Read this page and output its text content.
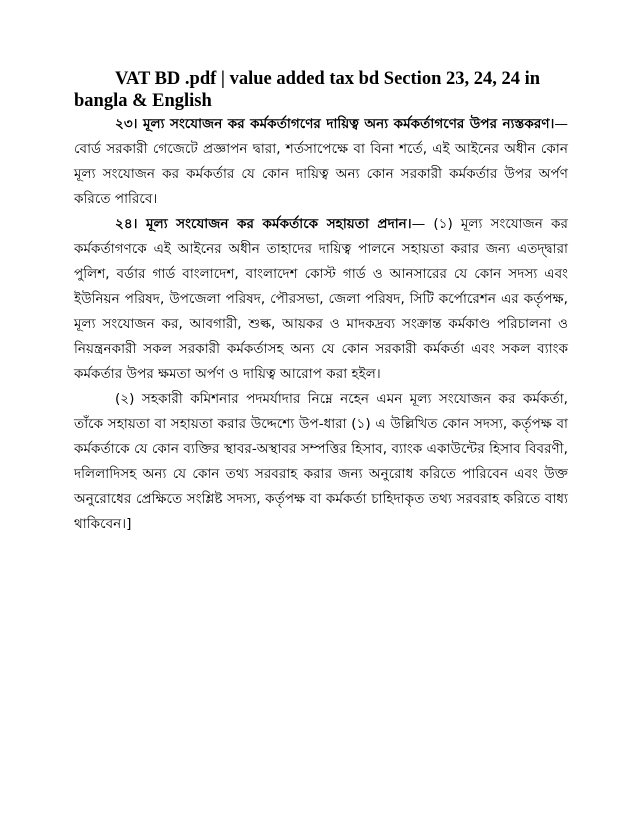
VAT BD .pdf | value added tax bd Section 23, 24, 24 in bangla & English

২৩। মূল্য সংযোজন কর কর্মকর্তাগণের দায়িত্ব অন্য কর্মকর্তাগণের উপর ন্যস্তকরণ।— বোর্ড সরকারী গেজেটে প্রজ্ঞাপন দ্বারা, শর্তসাপেক্ষে বা বিনা শর্তে, এই আইনের অধীন কোন মূল্য সংযোজন কর কর্মকর্তার যে কোন দায়িত্ব অন্য কোন সরকারী কর্মকর্তার উপর অর্পণ করিতে পারিবে।

২৪। মূল্য সংযোজন কর কর্মকর্তাকে সহায়তা প্রদান।— (১) মূল্য সংযোজন কর কর্মকর্তাগণকে এই আইনের অধীন তাহাদের দায়িত্ব পালনে সহায়তা করার জন্য এতদ্দ্বারা পুলিশ, বর্ডার গার্ড বাংলাদেশ, বাংলাদেশ কোস্ট গার্ড ও আনসারের যে কোন সদস্য এবং ইউনিয়ন পরিষদ, উপজেলা পরিষদ, পৌরসভা, জেলা পরিষদ, সিটি কর্পোরেশন এর কর্তৃপক্ষ, মূল্য সংযোজন কর, আবগারী, শুল্ক, আয়কর ও মাদকদ্রব্য সংক্রান্ত কর্মকাণ্ড পরিচালনা ও নিয়ন্ত্রনকারী সকল সরকারী কর্মকর্তাসহ অন্য যে কোন সরকারী কর্মকর্তা এবং সকল ব্যাংক কর্মকর্তার উপর ক্ষমতা অর্পণ ও দায়িত্ব আরোপ করা হইল।

(২) সহকারী কমিশনার পদমর্যাদার নিম্নে নহেন এমন মূল্য সংযোজন কর কর্মকর্তা, তাঁকে সহায়তা বা সহায়তা করার উদ্দেশ্যে উপ-ধারা (১) এ উল্লিখিত কোন সদস্য, কর্তৃপক্ষ বা কর্মকর্তাকে যে কোন ব্যক্তির স্থাবর-অস্থাবর সম্পত্তির হিসাব, ব্যাংক একাউন্টের হিসাব বিবরণী, দলিলাদিসহ অন্য যে কোন তথ্য সরবরাহ করার জন্য অনুরোধ করিতে পারিবেন এবং উক্ত অনুরোধের প্রেক্ষিতে সংশ্লিষ্ট সদস্য, কর্তৃপক্ষ বা কর্মকর্তা চাহিদাকৃত তথ্য সরবরাহ করিতে বাধ্য থাকিবেন।]
